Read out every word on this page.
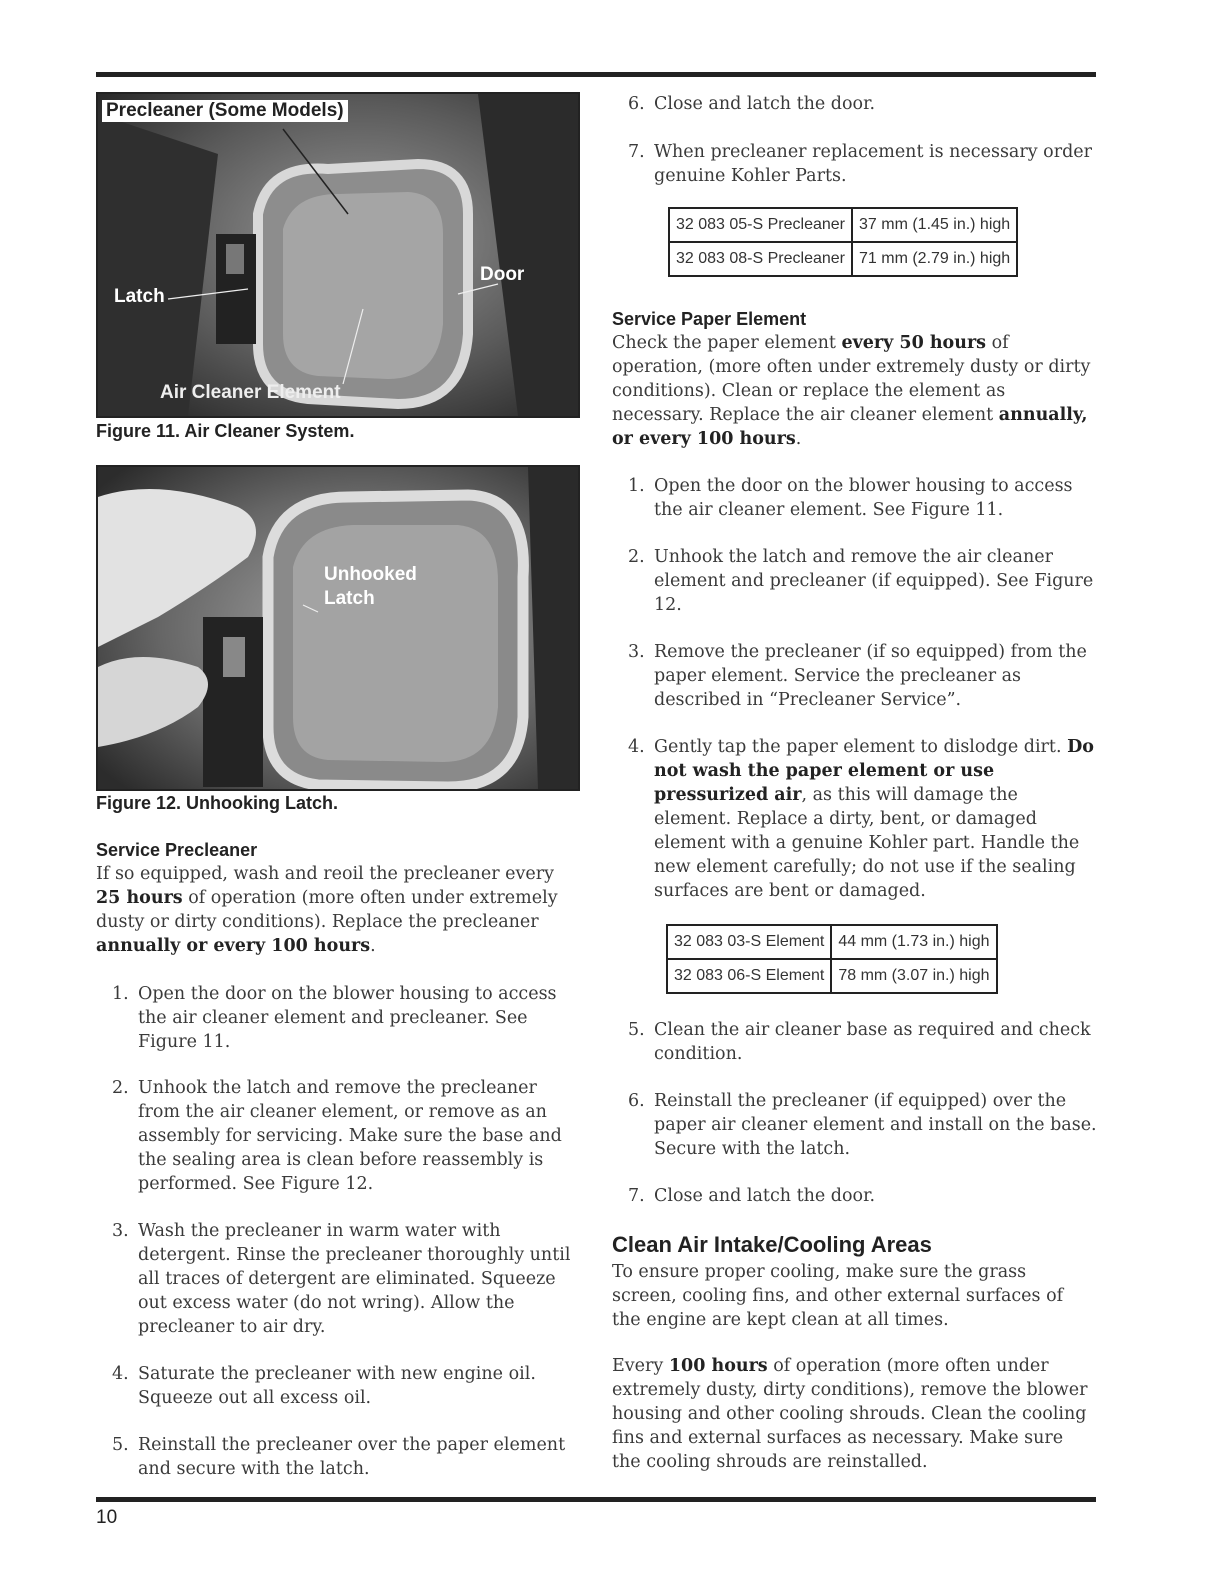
Precleaner (Some Models)
Door
Latch
Air Cleaner Element
Figure 11. Air Cleaner System.
Unhooked
Latch
Figure 12. Unhooking Latch.
Service Precleaner
If so equipped, wash and reoil the precleaner every 25 hours of operation (more often under extremely dusty or dirty conditions). Replace the precleaner annually or every 100 hours.
1. Open the door on the blower housing to access the air cleaner element and precleaner. See Figure 11.
2. Unhook the latch and remove the precleaner from the air cleaner element, or remove as an assembly for servicing. Make sure the base and the sealing area is clean before reassembly is performed. See Figure 12.
3. Wash the precleaner in warm water with detergent. Rinse the precleaner thoroughly until all traces of detergent are eliminated. Squeeze out excess water (do not wring). Allow the precleaner to air dry.
4. Saturate the precleaner with new engine oil. Squeeze out all excess oil.
5. Reinstall the precleaner over the paper element and secure with the latch.
6. Close and latch the door.
7. When precleaner replacement is necessary order genuine Kohler Parts.
32 083 05-S Precleaner	37 mm (1.45 in.) high
32 083 08-S Precleaner	71 mm (2.79 in.) high
Service Paper Element
Check the paper element every 50 hours of operation, (more often under extremely dusty or dirty conditions). Clean or replace the element as necessary. Replace the air cleaner element annually, or every 100 hours.
1. Open the door on the blower housing to access the air cleaner element. See Figure 11.
2. Unhook the latch and remove the air cleaner element and precleaner (if equipped). See Figure 12.
3. Remove the precleaner (if so equipped) from the paper element. Service the precleaner as described in “Precleaner Service”.
4. Gently tap the paper element to dislodge dirt. Do not wash the paper element or use pressurized air, as this will damage the element. Replace a dirty, bent, or damaged element with a genuine Kohler part. Handle the new element carefully; do not use if the sealing surfaces are bent or damaged.
32 083 03-S Element	44 mm (1.73 in.) high
32 083 06-S Element	78 mm (3.07 in.) high
5. Clean the air cleaner base as required and check condition.
6. Reinstall the precleaner (if equipped) over the paper air cleaner element and install on the base. Secure with the latch.
7. Close and latch the door.
Clean Air Intake/Cooling Areas
To ensure proper cooling, make sure the grass screen, cooling fins, and other external surfaces of the engine are kept clean at all times.
Every 100 hours of operation (more often under extremely dusty, dirty conditions), remove the blower housing and other cooling shrouds. Clean the cooling fins and external surfaces as necessary. Make sure the cooling shrouds are reinstalled.
10
